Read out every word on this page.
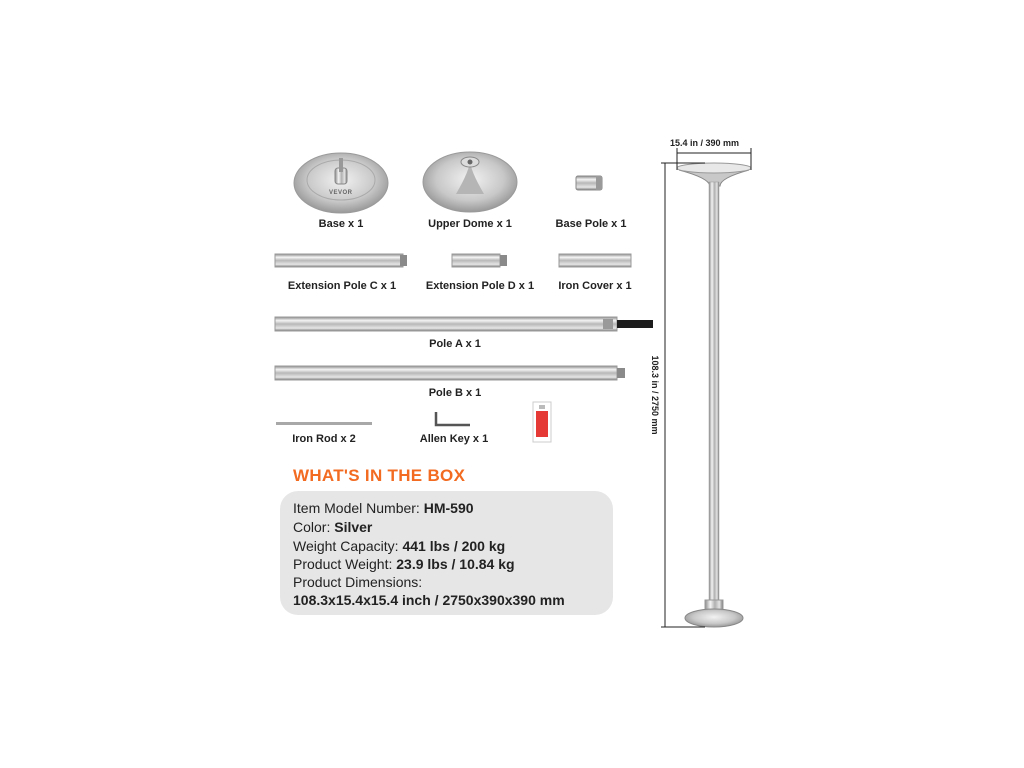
VEVOR
Base x 1	Upper Dome x 1	Base Pole x 1
Extension Pole C x 1	Extension Pole D x 1	Iron Cover x 1
Pole A x 1
Pole B x 1
Iron Rod x 2	Allen Key x 1
WHAT'S IN THE BOX
Item Model Number: HM-590
Color: Silver
Weight Capacity: 441 lbs / 200 kg
Product Weight: 23.9 lbs / 10.84 kg
Product Dimensions:
108.3x15.4x15.4 inch / 2750x390x390 mm
15.4 in / 390 mm
108.3 in / 2750 mm
